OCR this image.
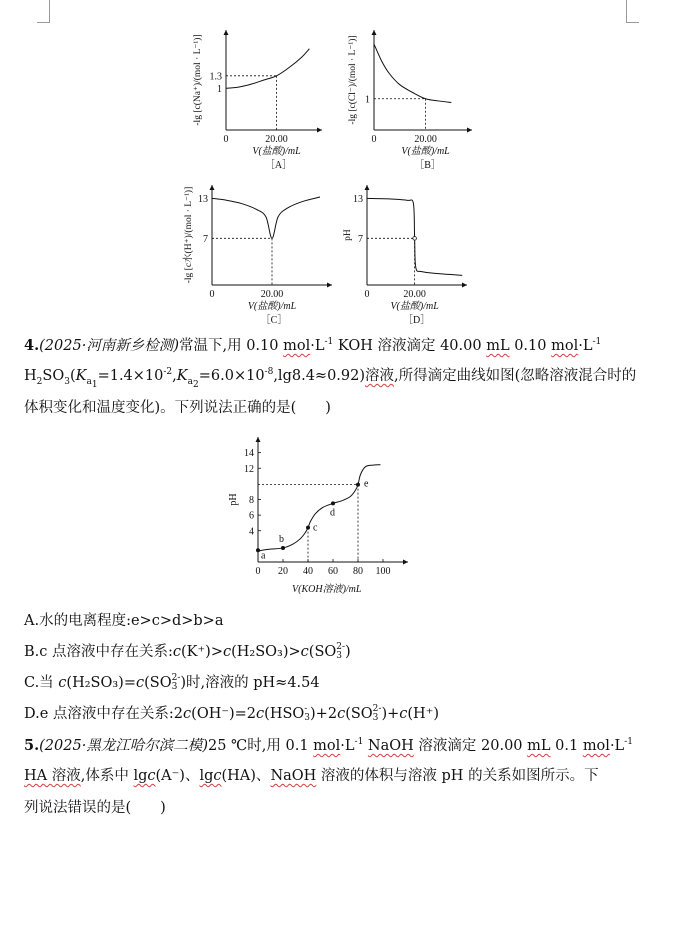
1.3
1
0	20.00
V(盐酸)/mL
-lg [c(Na⁺)/(mol · L⁻¹)]
［A］
1
0	20.00
V(盐酸)/mL
-lg [c(Cl⁻)/(mol · L⁻¹)]
［B］
13
7
0	20.00
V(盐酸)/mL
-lg [c水(H⁺)/(mol · L⁻¹)]
［C］
13
7
0	20.00
V(盐酸)/mL
pH
［D］
4.(2025·河南新乡检测)常温下,用 0.10 $mol\cdot L^{-1}$ KOH 溶液滴定 40.00 mL 0.10 $mol\cdot L^{-1}$
$H_2SO_3(K_{a_1}=1.4\times 10^{-2},K_{a_2}=6.0\times 10^{-8},\lg 8.4\approx 0.92)$溶液,所得滴定曲线如图(忽略溶液混合时的
体积变化和温度变化)。下列说法正确的是(　　)
14
12
8
6
4
0 20 40 60 80 100
V(KOH溶液)/mL
pH
a
b
c
d
e
A.水的电离程度:e>c>d>b>a
B.c 点溶液中存在关系:c(K⁺)>c(H₂SO₃)>c(SO 2-
3 )
C.当 c(H₂SO₃)=c(SO 2-
3 )时,溶液的 pH≈4.54
D.e 点溶液中存在关系:2c(OH⁻)=2c(HSO -
3 )+2c(SO 2-
3 )+c(H⁺)
5.(2025·黑龙江哈尔滨二模)25 ℃时,用 0.1 $mol\cdot L^{-1}$ NaOH 溶液滴定 20.00 mL 0.1 $mol\cdot L^{-1}$
HA 溶液,体系中 lgc(A⁻)、lgc(HA)、NaOH 溶液的体积与溶液 pH 的关系如图所示。下
列说法错误的是(　　)
